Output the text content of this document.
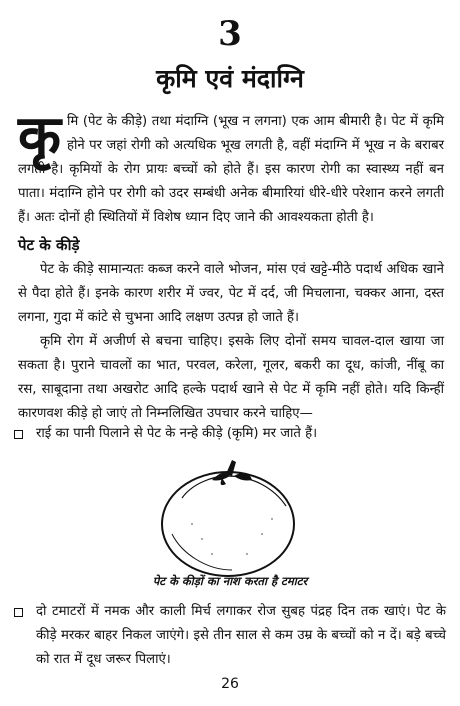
3
कृमि एवं मंदाग्नि
कृमि (पेट के कीड़े) तथा मंदाग्नि (भूख न लगना) एक आम बीमारी है। पेट में कृमि होने पर जहां रोगी को अत्यधिक भूख लगती है, वहीं मंदाग्नि में भूख न के बराबर लगती है। कृमियों के रोग प्रायः बच्चों को होते हैं। इस कारण रोगी का स्वास्थ्य नहीं बन पाता। मंदाग्नि होने पर रोगी को उदर सम्बंधी अनेक बीमारियां धीरे-धीरे परेशान करने लगती हैं। अतः दोनों ही स्थितियों में विशेष ध्यान दिए जाने की आवश्यकता होती है।
पेट के कीड़े
पेट के कीड़े सामान्यतः कब्ज करने वाले भोजन, मांस एवं खट्टे-मीठे पदार्थ अधिक खाने से पैदा होते हैं। इनके कारण शरीर में ज्वर, पेट में दर्द, जी मिचलाना, चक्कर आना, दस्त लगना, गुदा में कांटे से चुभना आदि लक्षण उत्पन्न हो जाते हैं।
कृमि रोग में अजीर्ण से बचना चाहिए। इसके लिए दोनों समय चावल-दाल खाया जा सकता है। पुराने चावलों का भात, परवल, करेला, गूलर, बकरी का दूध, कांजी, नींबू का रस, साबूदाना तथा अखरोट आदि हल्के पदार्थ खाने से पेट में कृमि नहीं होते। यदि किन्हीं कारणवश कीड़े हो जाएं तो निम्नलिखित उपचार करने चाहिए—
राई का पानी पिलाने से पेट के नन्हे कीड़े (कृमि) मर जाते हैं।
पेट के कीड़ों का नाश करता है टमाटर
दो टमाटरों में नमक और काली मिर्च लगाकर रोज सुबह पंद्रह दिन तक खाएं। पेट के कीड़े मरकर बाहर निकल जाएंगे। इसे तीन साल से कम उम्र के बच्चों को न दें। बड़े बच्चे को रात में दूध जरूर पिलाएं।
26
